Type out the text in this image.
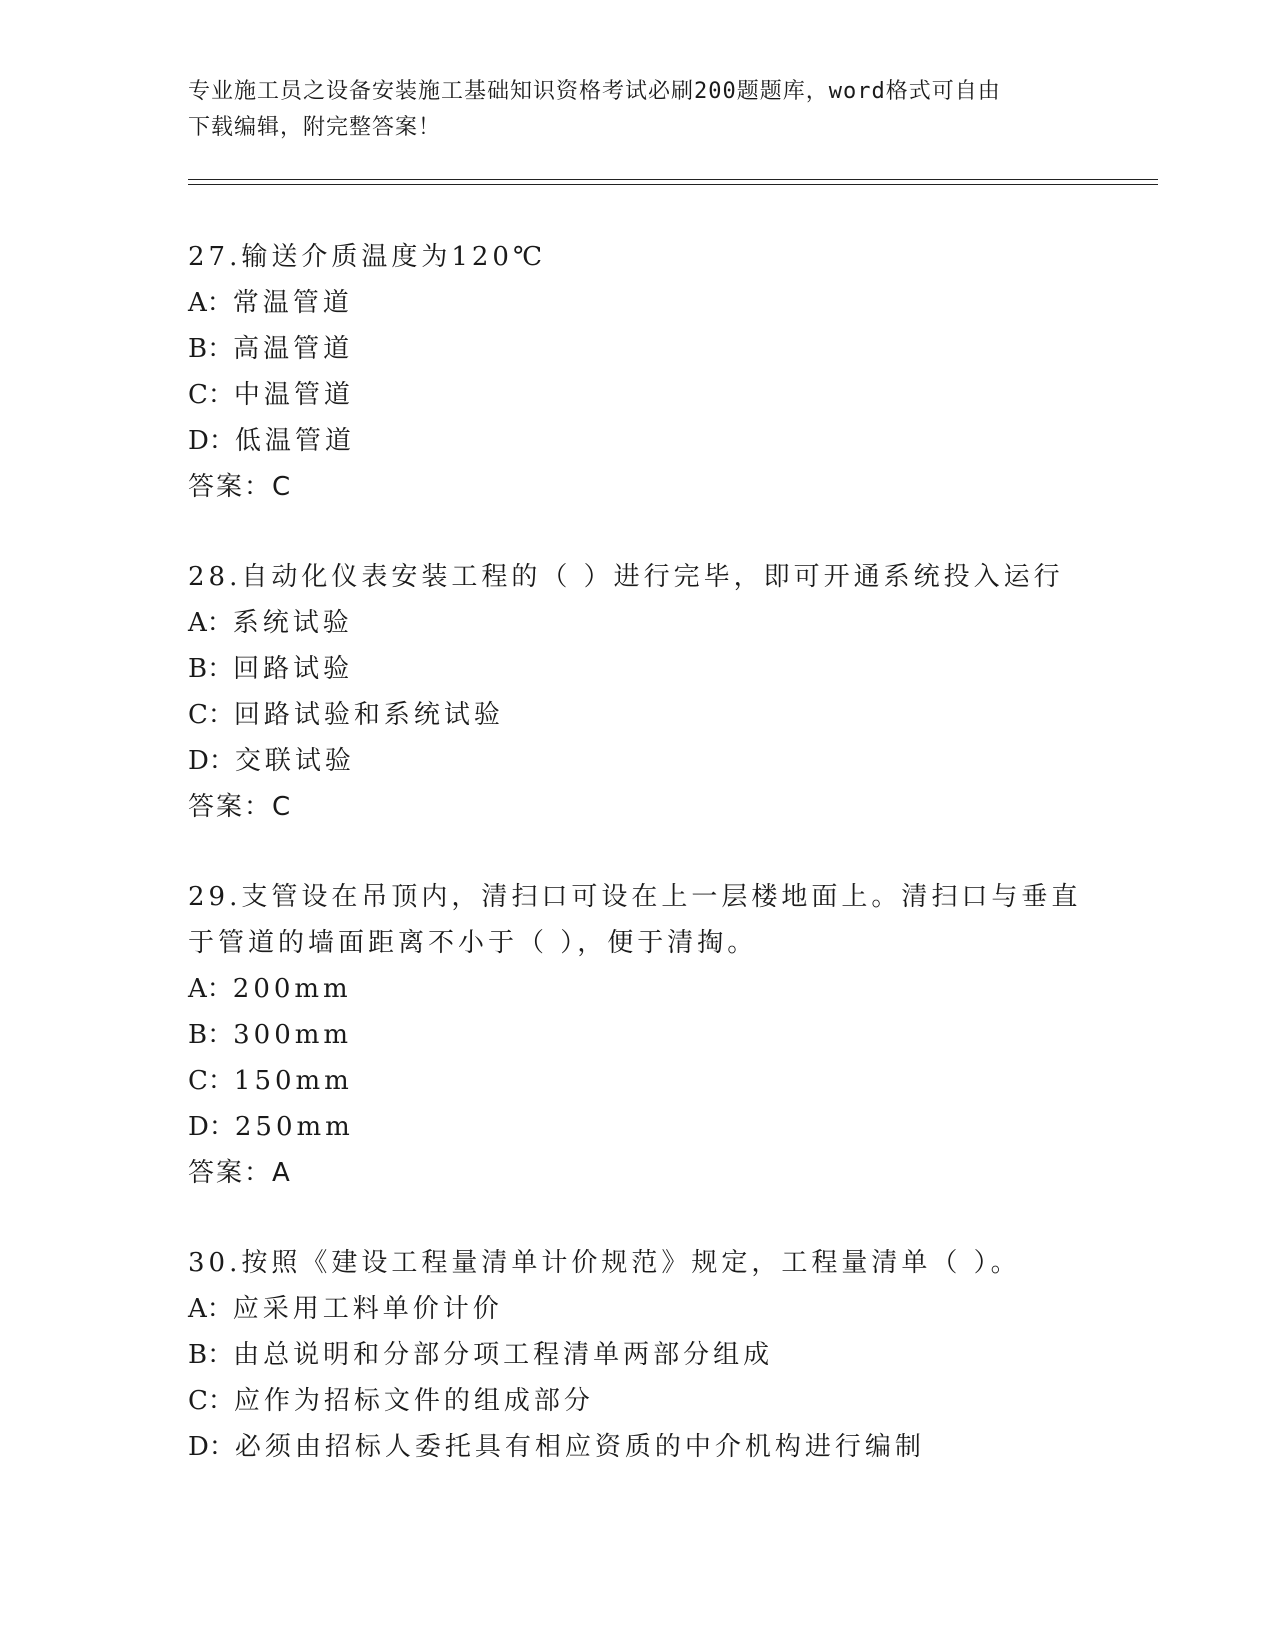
专业施工员之设备安装施工基础知识资格考试必刷200题题库，word格式可自由
下载编辑，附完整答案！

27.输送介质温度为120℃

A：常温管道

B：高温管道

C：中温管道

D：低温管道

答案：C

28.自动化仪表安装工程的（ ）进行完毕，即可开通系统投入运行

A：系统试验

B：回路试验

C：回路试验和系统试验

D：交联试验

答案：C

29.支管设在吊顶内，清扫口可设在上一层楼地面上。清扫口与垂直于管道的墙面距离不小于（ ），便于清掏。

A：200mm

B：300mm

C：150mm

D：250mm

答案：A

30.按照《建设工程量清单计价规范》规定，工程量清单（ ）。

A：应采用工料单价计价

B：由总说明和分部分项工程清单两部分组成

C：应作为招标文件的组成部分

D：必须由招标人委托具有相应资质的中介机构进行编制
